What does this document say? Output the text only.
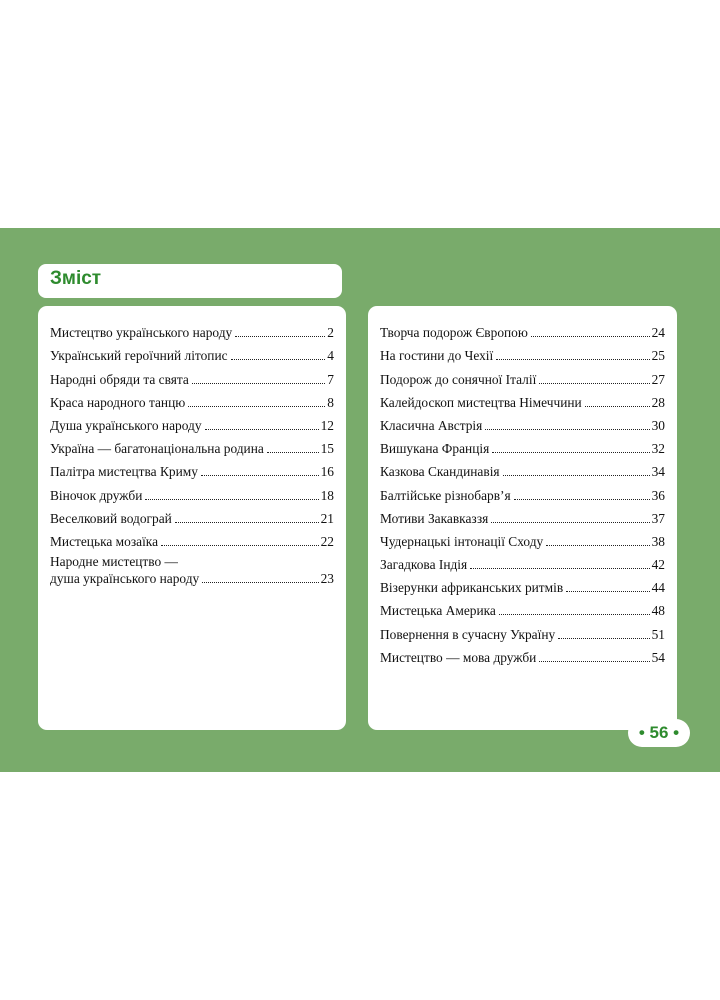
Зміст
Мистецтво українського народу	2
Український героїчний літопис	4
Народні обряди та свята	7
Краса народного танцю	8
Душа українського народу	12
Україна — багатонаціональна родина	15
Палітра мистецтва Криму	16
Віночок дружби	18
Веселковий водограй	21
Мистецька мозаїка	22
Народне мистецтво —
душа українського народу	23
Творча подорож Європою	24
На гостини до Чехії	25
Подорож до сонячної Італії	27
Калейдоскоп мистецтва Німеччини	28
Класична Австрія	30
Вишукана Франція	32
Казкова Скандинавія	34
Балтійське різнобарв’я	36
Мотиви Закавказзя	37
Чудернацькі інтонації Сходу	38
Загадкова Індія	42
Візерунки африканських ритмів	44
Мистецька Америка	48
Повернення в сучасну Україну	51
Мистецтво — мова дружби	54
• 56 •
